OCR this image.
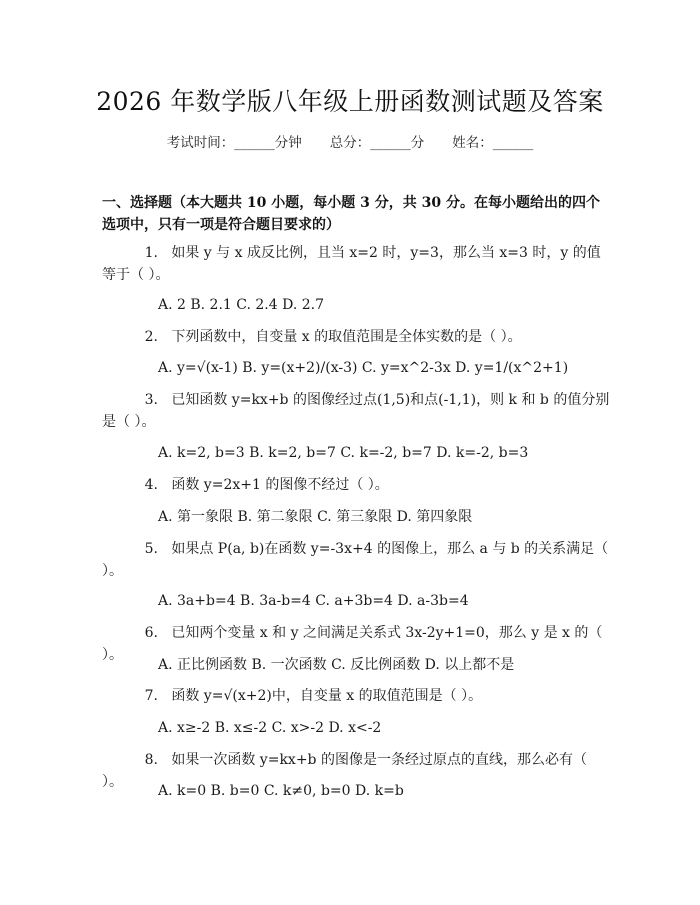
2026 年数学版八年级上册函数测试题及答案
考试时间：______分钟 总分：______分 姓名：______
一、选择题（本大题共 10 小题，每小题 3 分，共 30 分。在每小题给出的四个选项中，只有一项是符合题目要求的）
1. 如果 y 与 x 成反比例，且当 x=2 时，y=3，那么当 x=3 时，y 的值等于（ ）。
A. 2 B. 2.1 C. 2.4 D. 2.7
2. 下列函数中，自变量 x 的取值范围是全体实数的是（ ）。
A. y=√(x-1) B. y=(x+2)/(x-3) C. y=x^2-3x D. y=1/(x^2+1)
3. 已知函数 y=kx+b 的图像经过点(1,5)和点(-1,1)，则 k 和 b 的值分别是（ ）。
A. k=2, b=3 B. k=2, b=7 C. k=-2, b=7 D. k=-2, b=3
4. 函数 y=2x+1 的图像不经过（ ）。
A. 第一象限 B. 第二象限 C. 第三象限 D. 第四象限
5. 如果点 P(a, b)在函数 y=-3x+4 的图像上，那么 a 与 b 的关系满足（ ）。
A. 3a+b=4 B. 3a-b=4 C. a+3b=4 D. a-3b=4
6. 已知两个变量 x 和 y 之间满足关系式 3x-2y+1=0，那么 y 是 x 的（ ）。
A. 正比例函数 B. 一次函数 C. 反比例函数 D. 以上都不是
7. 函数 y=√(x+2)中，自变量 x 的取值范围是（ ）。
A. x≥-2 B. x≤-2 C. x>-2 D. x<-2
8. 如果一次函数 y=kx+b 的图像是一条经过原点的直线，那么必有（ ）。
A. k=0 B. b=0 C. k≠0, b=0 D. k=b
